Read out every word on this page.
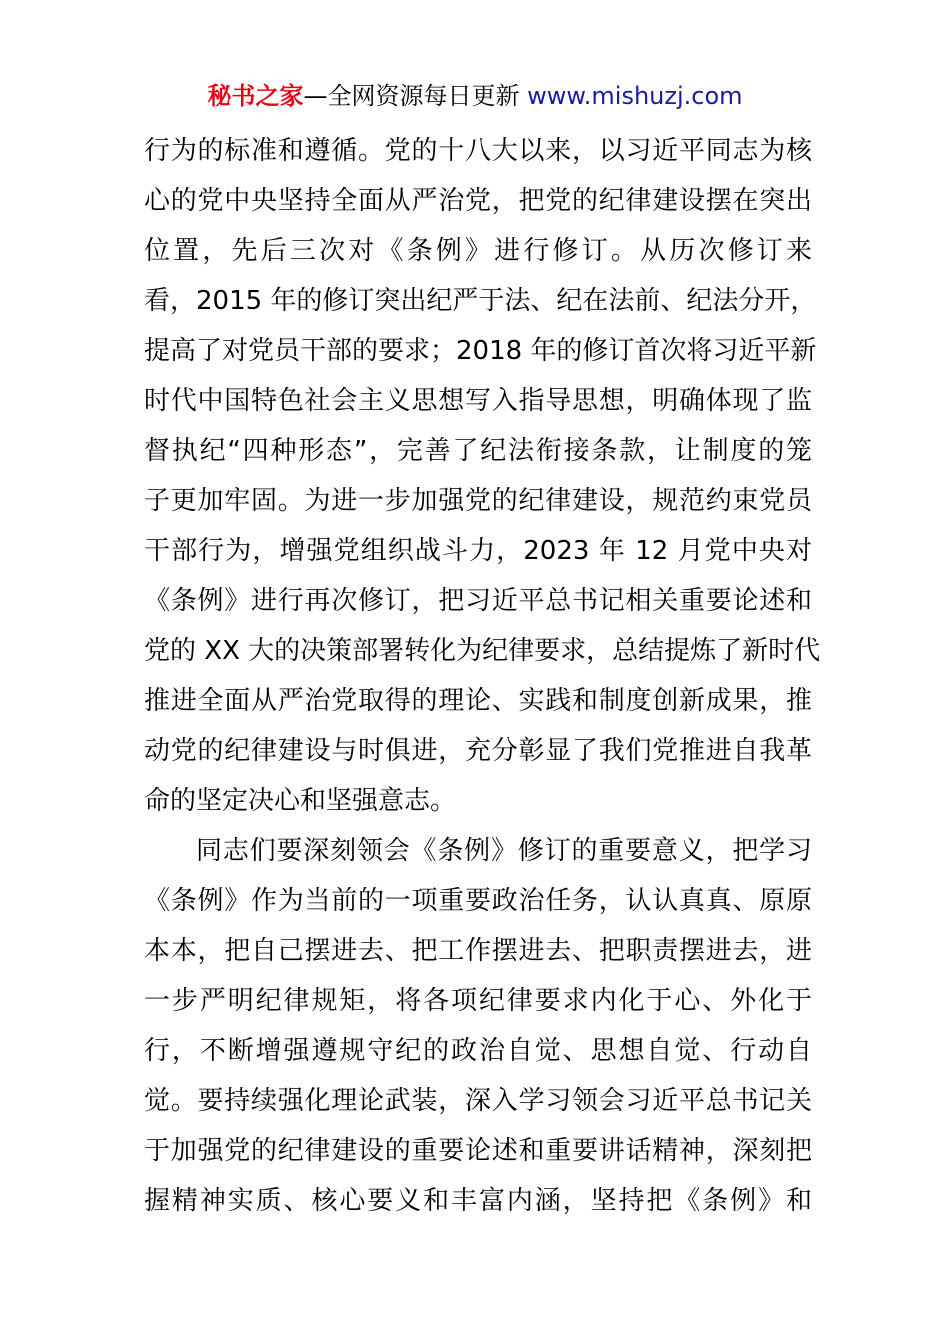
秘书之家—全网资源每日更新 www.mishuzj.com
行为的标准和遵循。党的十八大以来，以习近平同志为核
心的党中央坚持全面从严治党，把党的纪律建设摆在突出
位置，先后三次对《条例》进行修订。从历次修订来
看，2015 年的修订突出纪严于法、纪在法前、纪法分开，
提高了对党员干部的要求；2018 年的修订首次将习近平新
时代中国特色社会主义思想写入指导思想，明确体现了监
督执纪“四种形态”，完善了纪法衔接条款，让制度的笼
子更加牢固。为进一步加强党的纪律建设，规范约束党员
干部行为，增强党组织战斗力，2023 年 12 月党中央对
《条例》进行再次修订，把习近平总书记相关重要论述和
党的 XX 大的决策部署转化为纪律要求，总结提炼了新时代
推进全面从严治党取得的理论、实践和制度创新成果，推
动党的纪律建设与时俱进，充分彰显了我们党推进自我革
命的坚定决心和坚强意志。
同志们要深刻领会《条例》修订的重要意义，把学习
《条例》作为当前的一项重要政治任务，认认真真、原原
本本，把自己摆进去、把工作摆进去、把职责摆进去，进
一步严明纪律规矩，将各项纪律要求内化于心、外化于
行，不断增强遵规守纪的政治自觉、思想自觉、行动自
觉。要持续强化理论武装，深入学习领会习近平总书记关
于加强党的纪律建设的重要论述和重要讲话精神，深刻把
握精神实质、核心要义和丰富内涵，坚持把《条例》和
